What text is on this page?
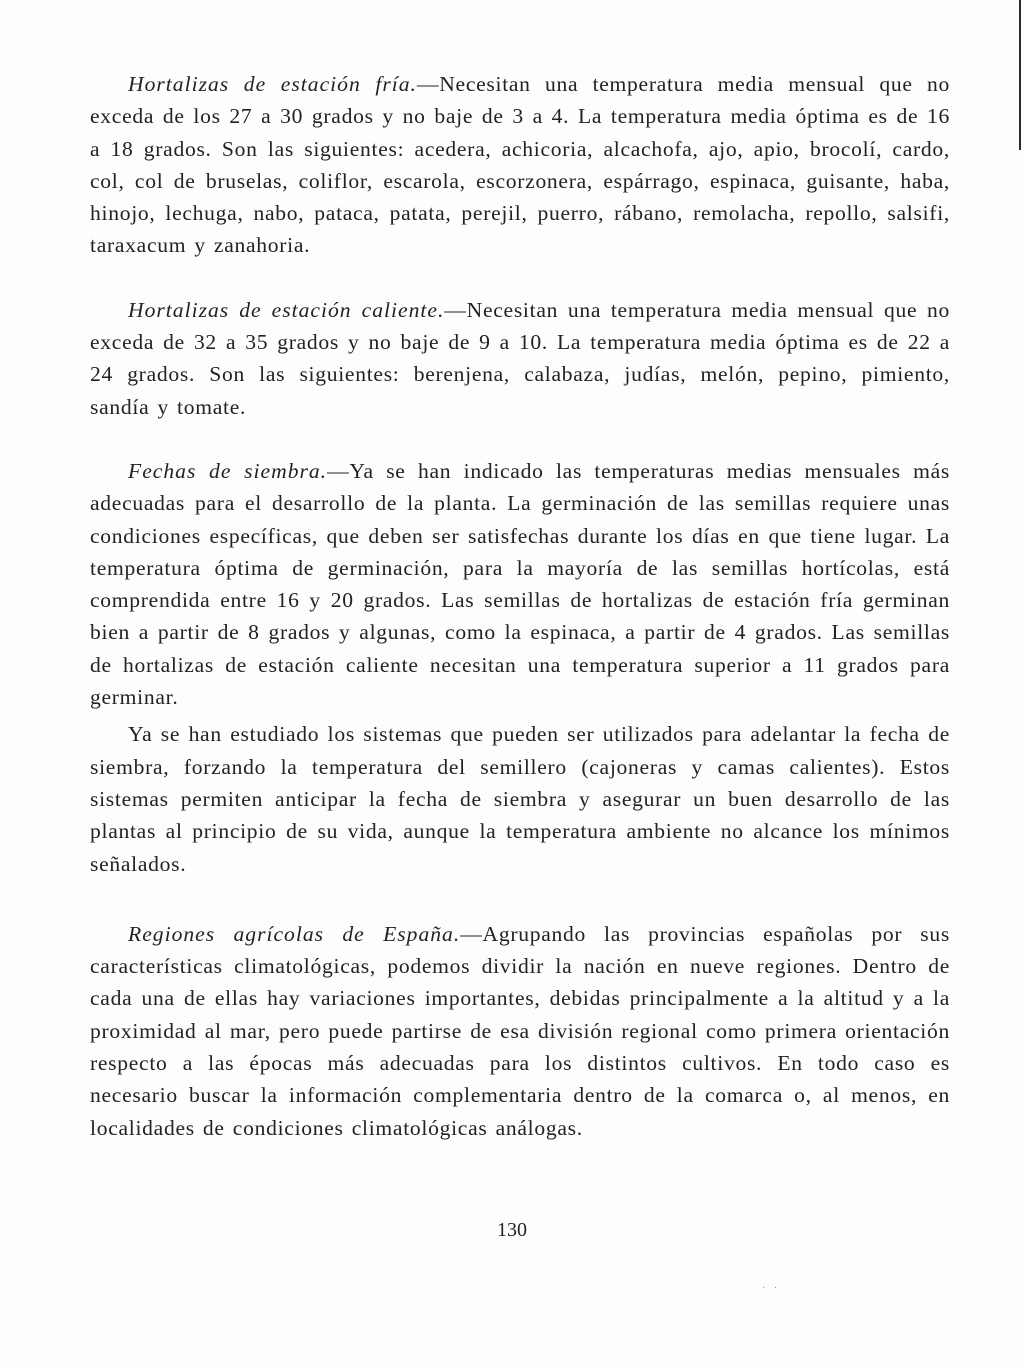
Hortalizas de estación fría.—Necesitan una temperatura media mensual que no exceda de los 27 a 30 grados y no baje de 3 a 4. La temperatura media óptima es de 16 a 18 grados. Son las siguientes: acedera, achicoria, alcachofa, ajo, apio, brocolí, cardo, col, col de bruselas, coliflor, escarola, escorzonera, espárrago, espinaca, guisante, haba, hinojo, lechuga, nabo, pataca, patata, perejil, puerro, rábano, remolacha, repollo, salsifi, taraxacum y zanahoria.

Hortalizas de estación caliente.—Necesitan una temperatura media mensual que no exceda de 32 a 35 grados y no baje de 9 a 10. La temperatura media óptima es de 22 a 24 grados. Son las siguientes: berenjena, calabaza, judías, melón, pepino, pimiento, sandía y tomate.

Fechas de siembra.—Ya se han indicado las temperaturas medias mensuales más adecuadas para el desarrollo de la planta. La germinación de las semillas requiere unas condiciones específicas, que deben ser satisfechas durante los días en que tiene lugar. La temperatura óptima de germinación, para la mayoría de las semillas hortícolas, está comprendida entre 16 y 20 grados. Las semillas de hortalizas de estación fría germinan bien a partir de 8 grados y algunas, como la espinaca, a partir de 4 grados. Las semillas de hortalizas de estación caliente necesitan una temperatura superior a 11 grados para germinar.

Ya se han estudiado los sistemas que pueden ser utilizados para adelantar la fecha de siembra, forzando la temperatura del semillero (cajoneras y camas calientes). Estos sistemas permiten anticipar la fecha de siembra y asegurar un buen desarrollo de las plantas al principio de su vida, aunque la temperatura ambiente no alcance los mínimos señalados.

Regiones agrícolas de España.—Agrupando las provincias españolas por sus características climatológicas, podemos dividir la nación en nueve regiones. Dentro de cada una de ellas hay variaciones importantes, debidas principalmente a la altitud y a la proximidad al mar, pero puede partirse de esa división regional como primera orientación respecto a las épocas más adecuadas para los distintos cultivos. En todo caso es necesario buscar la información complementaria dentro de la comarca o, al menos, en localidades de condiciones climatológicas análogas.

130
· ·
